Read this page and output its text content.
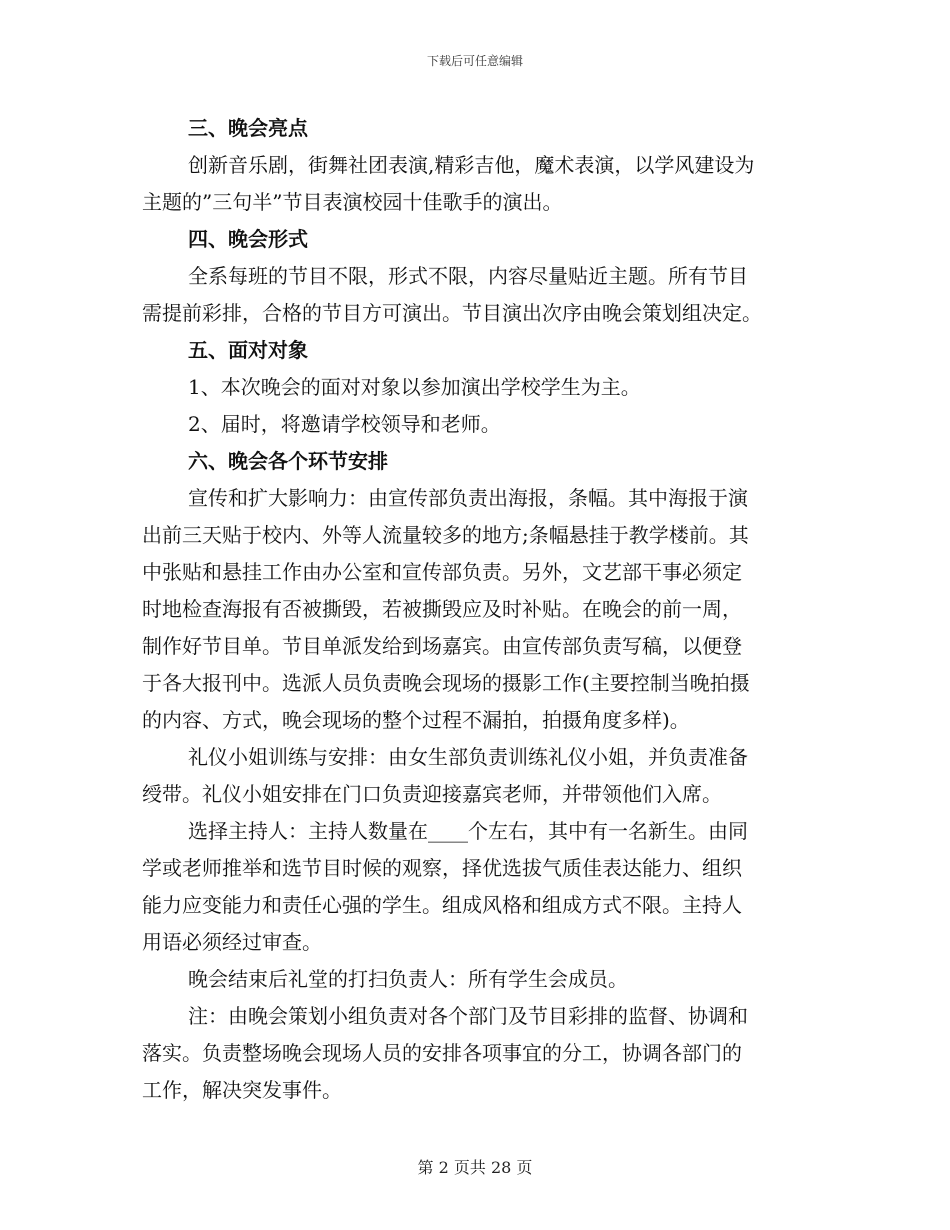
下载后可任意编辑
三、晚会亮点
创新音乐剧，街舞社团表演,精彩吉他，魔术表演，以学风建设为
主题的”三句半”节目表演校园十佳歌手的演出。
四、晚会形式
全系每班的节目不限，形式不限，内容尽量贴近主题。所有节目
需提前彩排，合格的节目方可演出。节目演出次序由晚会策划组决定。
五、面对对象
1、本次晚会的面对对象以参加演出学校学生为主。
2、届时，将邀请学校领导和老师。
六、晚会各个环节安排
宣传和扩大影响力：由宣传部负责出海报，条幅。其中海报于演
出前三天贴于校内、外等人流量较多的地方;条幅悬挂于教学楼前。其
中张贴和悬挂工作由办公室和宣传部负责。另外，文艺部干事必须定
时地检查海报有否被撕毁，若被撕毁应及时补贴。在晚会的前一周，
制作好节目单。节目单派发给到场嘉宾。由宣传部负责写稿，以便登
于各大报刊中。选派人员负责晚会现场的摄影工作(主要控制当晚拍摄
的内容、方式，晚会现场的整个过程不漏拍，拍摄角度多样)。
礼仪小姐训练与安排：由女生部负责训练礼仪小姐，并负责准备
绶带。礼仪小姐安排在门口负责迎接嘉宾老师，并带领他们入席。
选择主持人：主持人数量在____个左右，其中有一名新生。由同
学或老师推举和选节目时候的观察，择优选拔气质佳表达能力、组织
能力应变能力和责任心强的学生。组成风格和组成方式不限。主持人
用语必须经过审查。
晚会结束后礼堂的打扫负责人：所有学生会成员。
注：由晚会策划小组负责对各个部门及节目彩排的监督、协调和
落实。负责整场晚会现场人员的安排各项事宜的分工，协调各部门的
工作，解决突发事件。
第 2 页共 28 页
